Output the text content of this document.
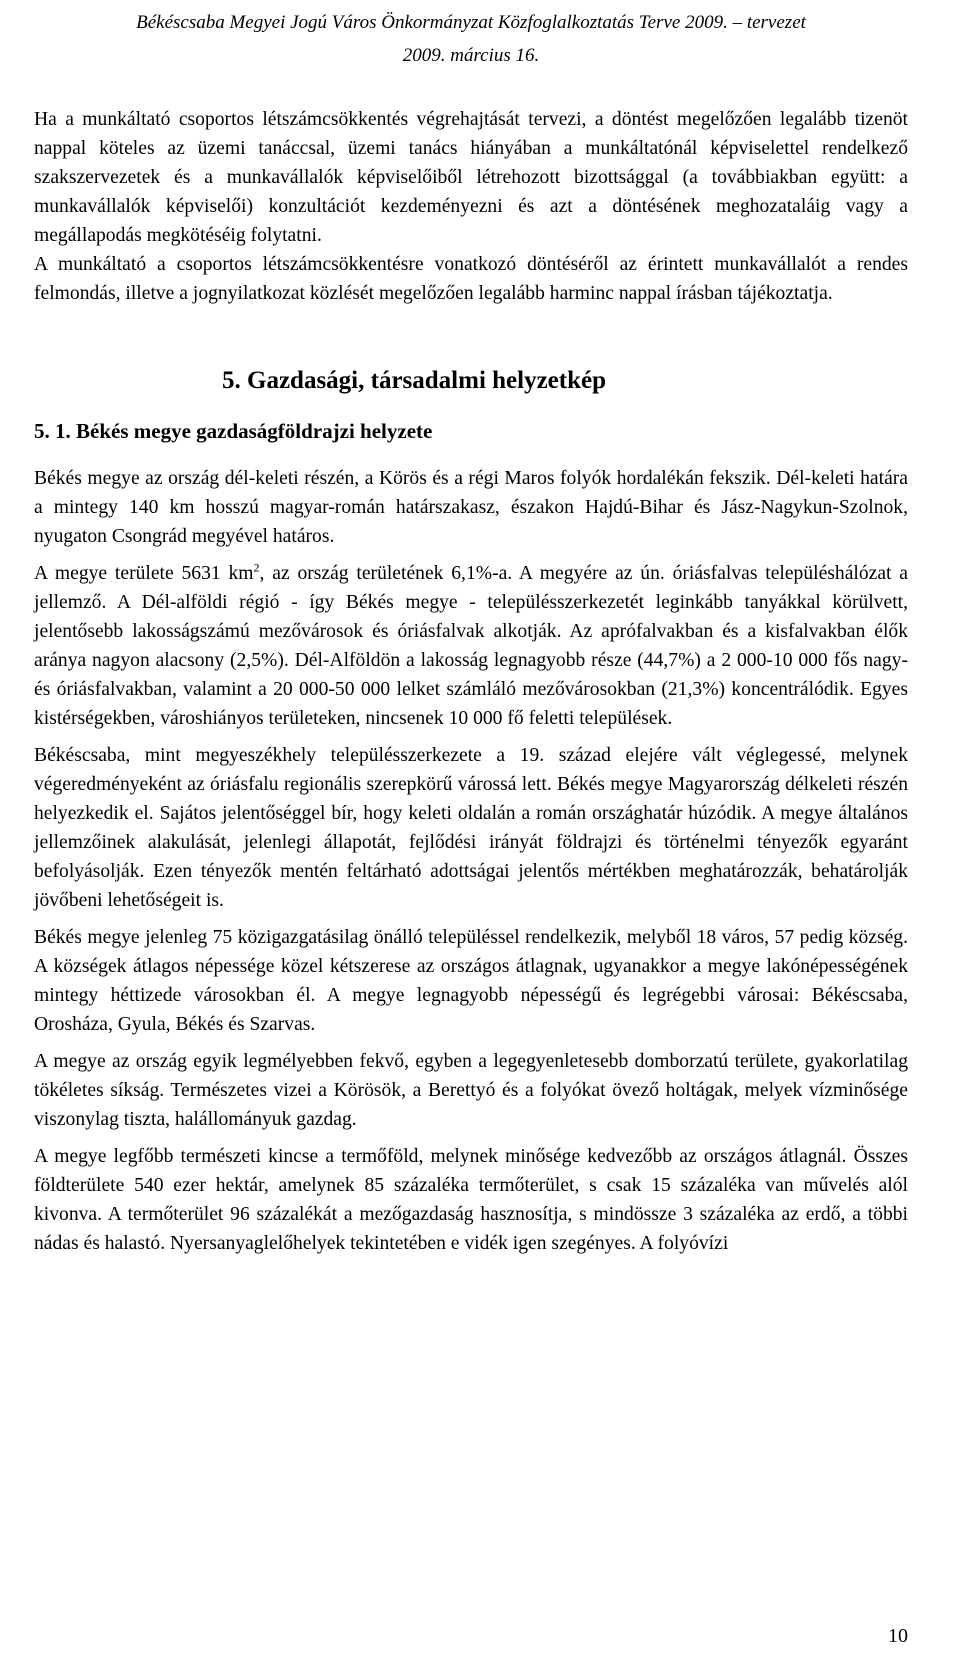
Békéscsaba Megyei Jogú Város Önkormányzat Közfoglalkoztatás Terve 2009. – tervezet
2009. március 16.

Ha a munkáltató csoportos létszámcsökkentés végrehajtását tervezi, a döntést megelőzően legalább tizenöt nappal köteles az üzemi tanáccsal, üzemi tanács hiányában a munkáltatónál képviselettel rendelkező szakszervezetek és a munkavállalók képviselőiből létrehozott bizottsággal (a továbbiakban együtt: a munkavállalók képviselői) konzultációt kezdeményezni és azt a döntésének meghozataláig vagy a megállapodás megkötéséig folytatni.

A munkáltató a csoportos létszámcsökkentésre vonatkozó döntéséről az érintett munkavállalót a rendes felmondás, illetve a jognyilatkozat közlését megelőzően legalább harminc nappal írásban tájékoztatja.

5. Gazdasági, társadalmi helyzetkép
5. 1. Békés megye gazdaságföldrajzi helyzete

Békés megye az ország dél-keleti részén, a Körös és a régi Maros folyók hordalékán fekszik. Dél-keleti határa a mintegy 140 km hosszú magyar-román határszakasz, északon Hajdú-Bihar és Jász-Nagykun-Szolnok, nyugaton Csongrád megyével határos.

A megye területe 5631 $km^2$, az ország területének 6,1%-a. A megyére az ún. óriásfalvas településhálózat a jellemző. A Dél-alföldi régió - így Békés megye - településszerkezetét leginkább tanyákkal körülvett, jelentősebb lakosságszámú mezővárosok és óriásfalvak alkotják. Az aprófalvakban és a kisfalvakban élők aránya nagyon alacsony (2,5%). Dél-Alföldön a lakosság legnagyobb része (44,7%) a 2 000-10 000 fős nagy- és óriásfalvakban, valamint a 20 000-50 000 lelket számláló mezővárosokban (21,3%) koncentrálódik. Egyes kistérségekben, városhiányos területeken, nincsenek 10 000 fő feletti települések.

Békéscsaba, mint megyeszékhely településszerkezete a 19. század elejére vált véglegessé, melynek végeredményeként az óriásfalu regionális szerepkörű várossá lett. Békés megye Magyarország délkeleti részén helyezkedik el. Sajátos jelentőséggel bír, hogy keleti oldalán a román országhatár húzódik. A megye általános jellemzőinek alakulását, jelenlegi állapotát, fejlődési irányát földrajzi és történelmi tényezők egyaránt befolyásolják. Ezen tényezők mentén feltárható adottságai jelentős mértékben meghatározzák, behatárolják jövőbeni lehetőségeit is.

Békés megye jelenleg 75 közigazgatásilag önálló településsel rendelkezik, melyből 18 város, 57 pedig község. A községek átlagos népessége közel kétszerese az országos átlagnak, ugyanakkor a megye lakónépességének mintegy héttizede városokban él. A megye legnagyobb népességű és legrégebbi városai: Békéscsaba, Orosháza, Gyula, Békés és Szarvas.

A megye az ország egyik legmélyebben fekvő, egyben a legegyenletesebb domborzatú területe, gyakorlatilag tökéletes síkság. Természetes vizei a Körösök, a Berettyó és a folyókat övező holtágak, melyek vízminősége viszonylag tiszta, halállományuk gazdag.

A megye legfőbb természeti kincse a termőföld, melynek minősége kedvezőbb az országos átlagnál. Összes földterülete 540 ezer hektár, amelynek 85 százaléka termőterület, s csak 15 százaléka van művelés alól kivonva. A termőterület 96 százalékát a mezőgazdaság hasznosítja, s mindössze 3 százaléka az erdő, a többi nádas és halastó. Nyersanyaglelőhelyek tekintetében e vidék igen szegényes. A folyóvízi

10
